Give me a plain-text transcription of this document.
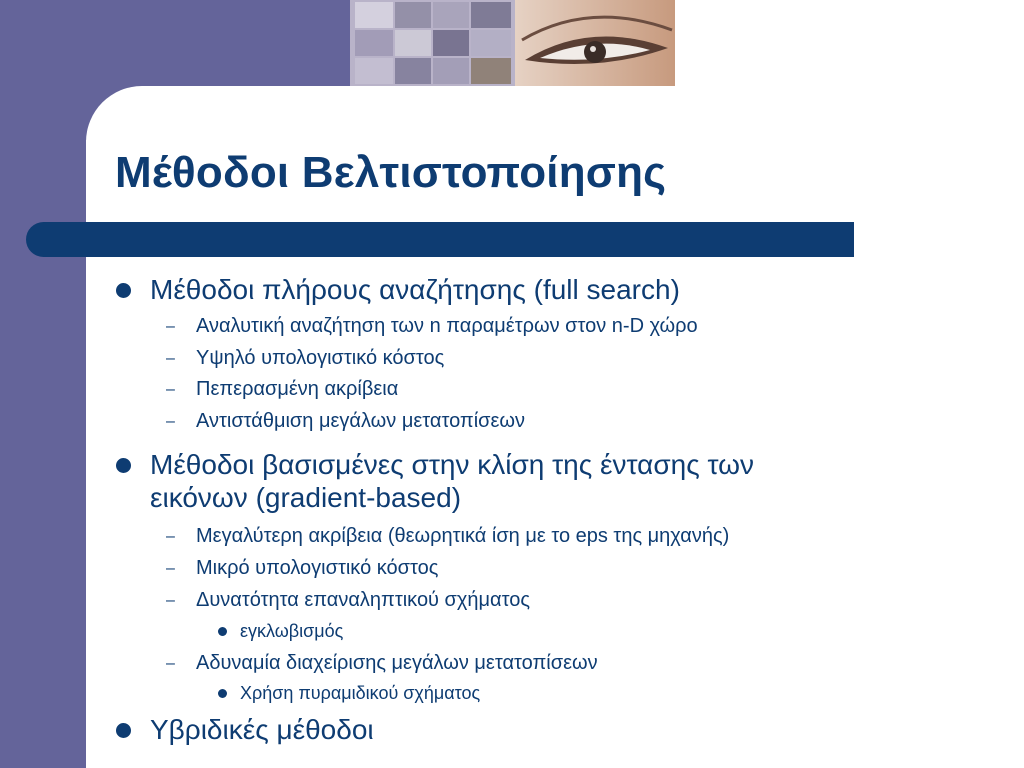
Μέθοδοι Βελτιστοποίησης
Μέθοδοι πλήρους αναζήτησης (full search)
– Αναλυτική αναζήτηση των n παραμέτρων στον n-D χώρο
– Υψηλό υπολογιστικό κόστος
– Πεπερασμένη ακρίβεια
– Αντιστάθμιση μεγάλων μετατοπίσεων
Μέθοδοι βασισμένες στην κλίση της έντασης των
εικόνων (gradient-based)
– Μεγαλύτερη ακρίβεια (θεωρητικά ίση με το eps της μηχανής)
– Μικρό υπολογιστικό κόστος
– Δυνατότητα επαναληπτικού σχήματος
εγκλωβισμός
– Αδυναμία διαχείρισης μεγάλων μετατοπίσεων
Χρήση πυραμιδικού σχήματος
Υβριδικές μέθοδοι
